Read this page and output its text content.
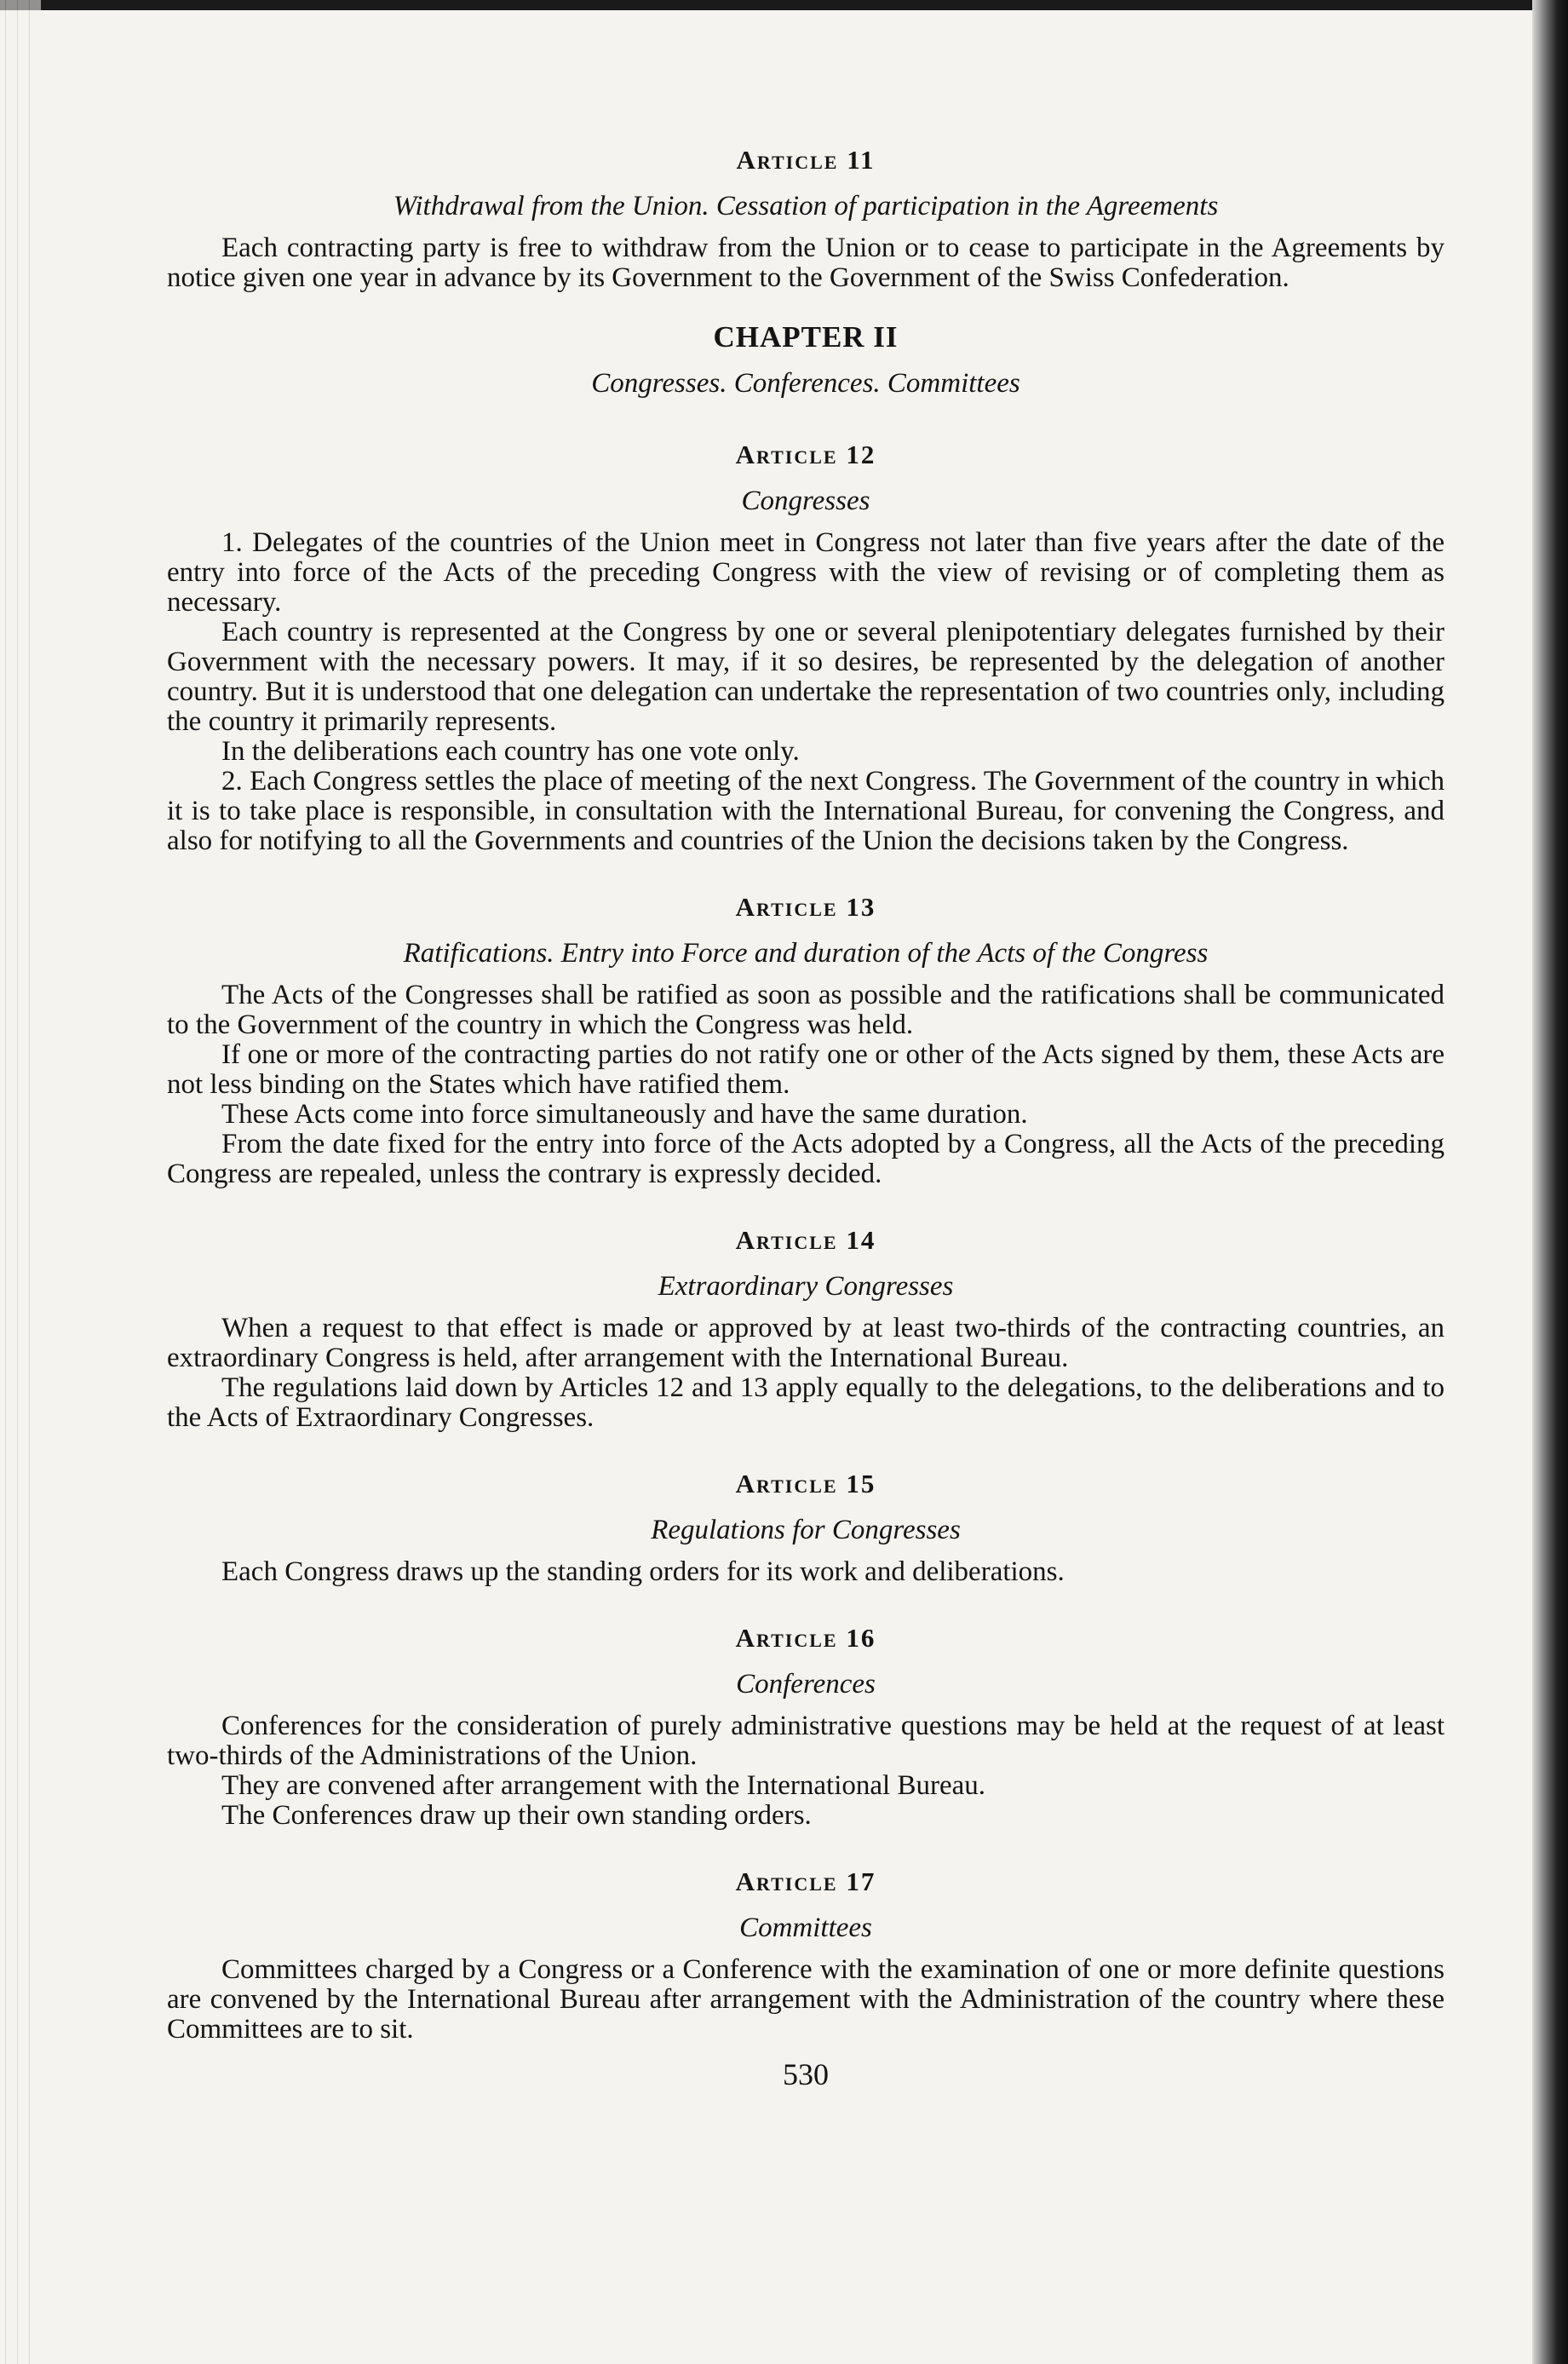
Article 11
Withdrawal from the Union. Cessation of participation in the Agreements

Each contracting party is free to withdraw from the Union or to cease to participate in the Agreements by notice given one year in advance by its Government to the Government of the Swiss Confederation.

CHAPTER II
Congresses. Conferences. Committees
Article 12
Congresses

1. Delegates of the countries of the Union meet in Congress not later than five years after the date of the entry into force of the Acts of the preceding Congress with the view of revising or of completing them as necessary.

Each country is represented at the Congress by one or several plenipotentiary delegates furnished by their Government with the necessary powers. It may, if it so desires, be represented by the delegation of another country. But it is understood that one delegation can undertake the representation of two countries only, including the country it primarily represents.

In the deliberations each country has one vote only.

2. Each Congress settles the place of meeting of the next Congress. The Government of the country in which it is to take place is responsible, in consultation with the International Bureau, for convening the Congress, and also for notifying to all the Governments and countries of the Union the decisions taken by the Congress.

Article 13
Ratifications. Entry into Force and duration of the Acts of the Congress

The Acts of the Congresses shall be ratified as soon as possible and the ratifications shall be communicated to the Government of the country in which the Congress was held.

If one or more of the contracting parties do not ratify one or other of the Acts signed by them, these Acts are not less binding on the States which have ratified them.

These Acts come into force simultaneously and have the same duration.

From the date fixed for the entry into force of the Acts adopted by a Congress, all the Acts of the preceding Congress are repealed, unless the contrary is expressly decided.

Article 14
Extraordinary Congresses

When a request to that effect is made or approved by at least two-thirds of the contracting countries, an extraordinary Congress is held, after arrangement with the International Bureau.

The regulations laid down by Articles 12 and 13 apply equally to the delegations, to the deliberations and to the Acts of Extraordinary Congresses.

Article 15
Regulations for Congresses

Each Congress draws up the standing orders for its work and deliberations.

Article 16
Conferences

Conferences for the consideration of purely administrative questions may be held at the request of at least two-thirds of the Administrations of the Union.

They are convened after arrangement with the International Bureau.

The Conferences draw up their own standing orders.

Article 17
Committees

Committees charged by a Congress or a Conference with the examination of one or more definite questions are convened by the International Bureau after arrangement with the Administration of the country where these Committees are to sit.

530
